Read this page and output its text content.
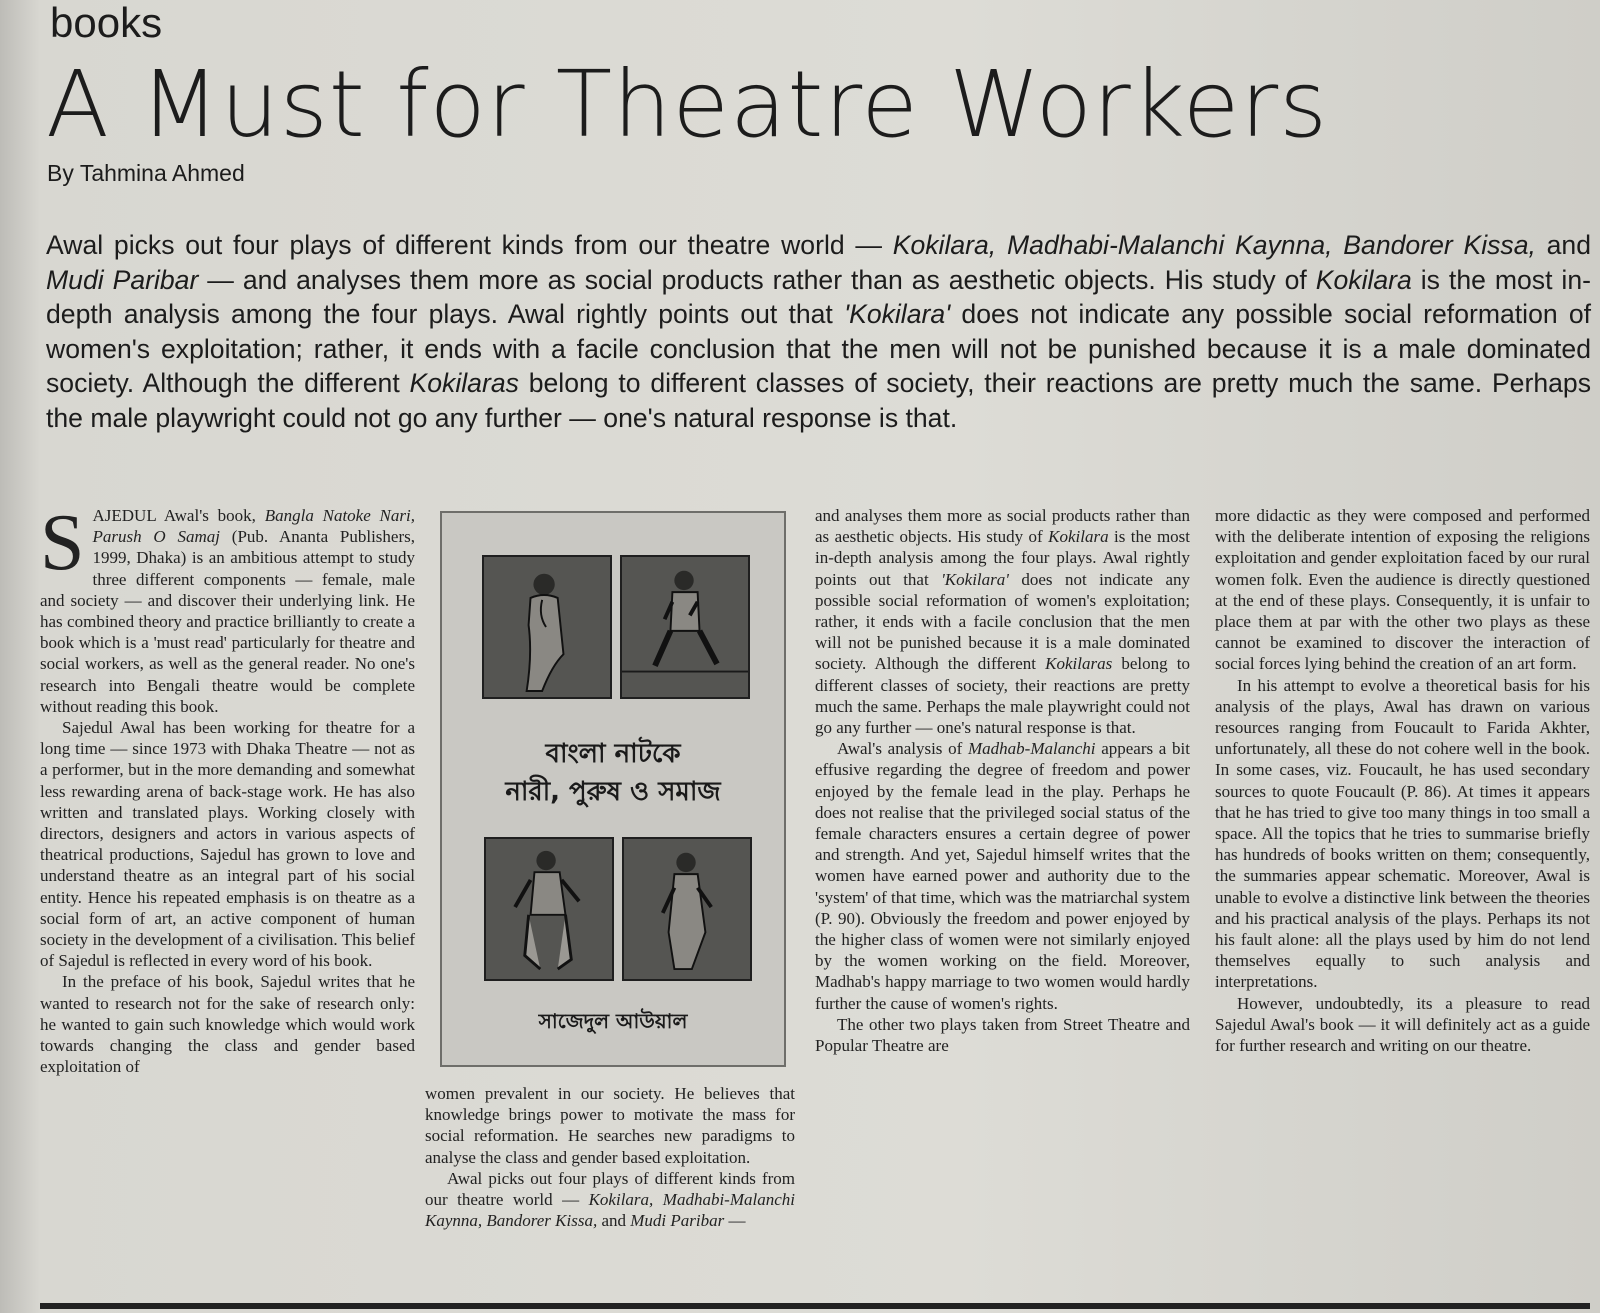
books
A Must for Theatre Workers
By Tahmina Ahmed
Awal picks out four plays of different kinds from our theatre world — Kokilara, Madhabi-Malanchi Kaynna, Bandorer Kissa, and Mudi Paribar — and analyses them more as social products rather than as aesthetic objects. His study of Kokilara is the most in-depth analysis among the four plays. Awal rightly points out that 'Kokilara' does not indicate any possible social reformation of women's exploitation; rather, it ends with a facile conclusion that the men will not be punished because it is a male dominated society. Although the different Kokilaras belong to different classes of society, their reactions are pretty much the same. Perhaps the male playwright could not go any further — one's natural response is that.

SAJEDUL Awal's book, Bangla Natoke Nari, Parush O Samaj (Pub. Ananta Publishers, 1999, Dhaka) is an ambitious attempt to study three different components — female, male and society — and discover their underlying link. He has combined theory and practice brilliantly to create a book which is a 'must read' particularly for theatre and social workers, as well as the general reader. No one's research into Bengali theatre would be complete without reading this book.

Sajedul Awal has been working for theatre for a long time — since 1973 with Dhaka Theatre — not as a performer, but in the more demanding and somewhat less rewarding arena of back-stage work. He has also written and translated plays. Working closely with directors, designers and actors in various aspects of theatrical productions, Sajedul has grown to love and understand theatre as an integral part of his social entity. Hence his repeated emphasis is on theatre as a social form of art, an active component of human society in the development of a civilisation. This belief of Sajedul is reflected in every word of his book.

In the preface of his book, Sajedul writes that he wanted to research not for the sake of research only: he wanted to gain such knowledge which would work towards changing the class and gender based exploitation of

বাংলা নাটকে
নারী, পুরুষ ও সমাজ
সাজেদুল আউয়াল

women prevalent in our society. He believes that knowledge brings power to motivate the mass for social reformation. He searches new paradigms to analyse the class and gender based exploitation.

Awal picks out four plays of different kinds from our theatre world — Kokilara, Madhabi-Malanchi Kaynna, Bandorer Kissa, and Mudi Paribar —

and analyses them more as social products rather than as aesthetic objects. His study of Kokilara is the most in-depth analysis among the four plays. Awal rightly points out that 'Kokilara' does not indicate any possible social reformation of women's exploitation; rather, it ends with a facile conclusion that the men will not be punished because it is a male dominated society. Although the different Kokilaras belong to different classes of society, their reactions are pretty much the same. Perhaps the male playwright could not go any further — one's natural response is that.

Awal's analysis of Madhab-Malanchi appears a bit effusive regarding the degree of freedom and power enjoyed by the female lead in the play. Perhaps he does not realise that the privileged social status of the female characters ensures a certain degree of power and strength. And yet, Sajedul himself writes that the women have earned power and authority due to the 'system' of that time, which was the matriarchal system (P. 90). Obviously the freedom and power enjoyed by the higher class of women were not similarly enjoyed by the women working on the field. Moreover, Madhab's happy marriage to two women would hardly further the cause of women's rights.

The other two plays taken from Street Theatre and Popular Theatre are

more didactic as they were composed and performed with the deliberate intention of exposing the religions exploitation and gender exploitation faced by our rural women folk. Even the audience is directly questioned at the end of these plays. Consequently, it is unfair to place them at par with the other two plays as these cannot be examined to discover the interaction of social forces lying behind the creation of an art form.

In his attempt to evolve a theoretical basis for his analysis of the plays, Awal has drawn on various resources ranging from Foucault to Farida Akhter, unfortunately, all these do not cohere well in the book. In some cases, viz. Foucault, he has used secondary sources to quote Foucault (P. 86). At times it appears that he has tried to give too many things in too small a space. All the topics that he tries to summarise briefly has hundreds of books written on them; consequently, the summaries appear schematic. Moreover, Awal is unable to evolve a distinctive link between the theories and his practical analysis of the plays. Perhaps its not his fault alone: all the plays used by him do not lend themselves equally to such analysis and interpretations.

However, undoubtedly, its a pleasure to read Sajedul Awal's book — it will definitely act as a guide for further research and writing on our theatre.
